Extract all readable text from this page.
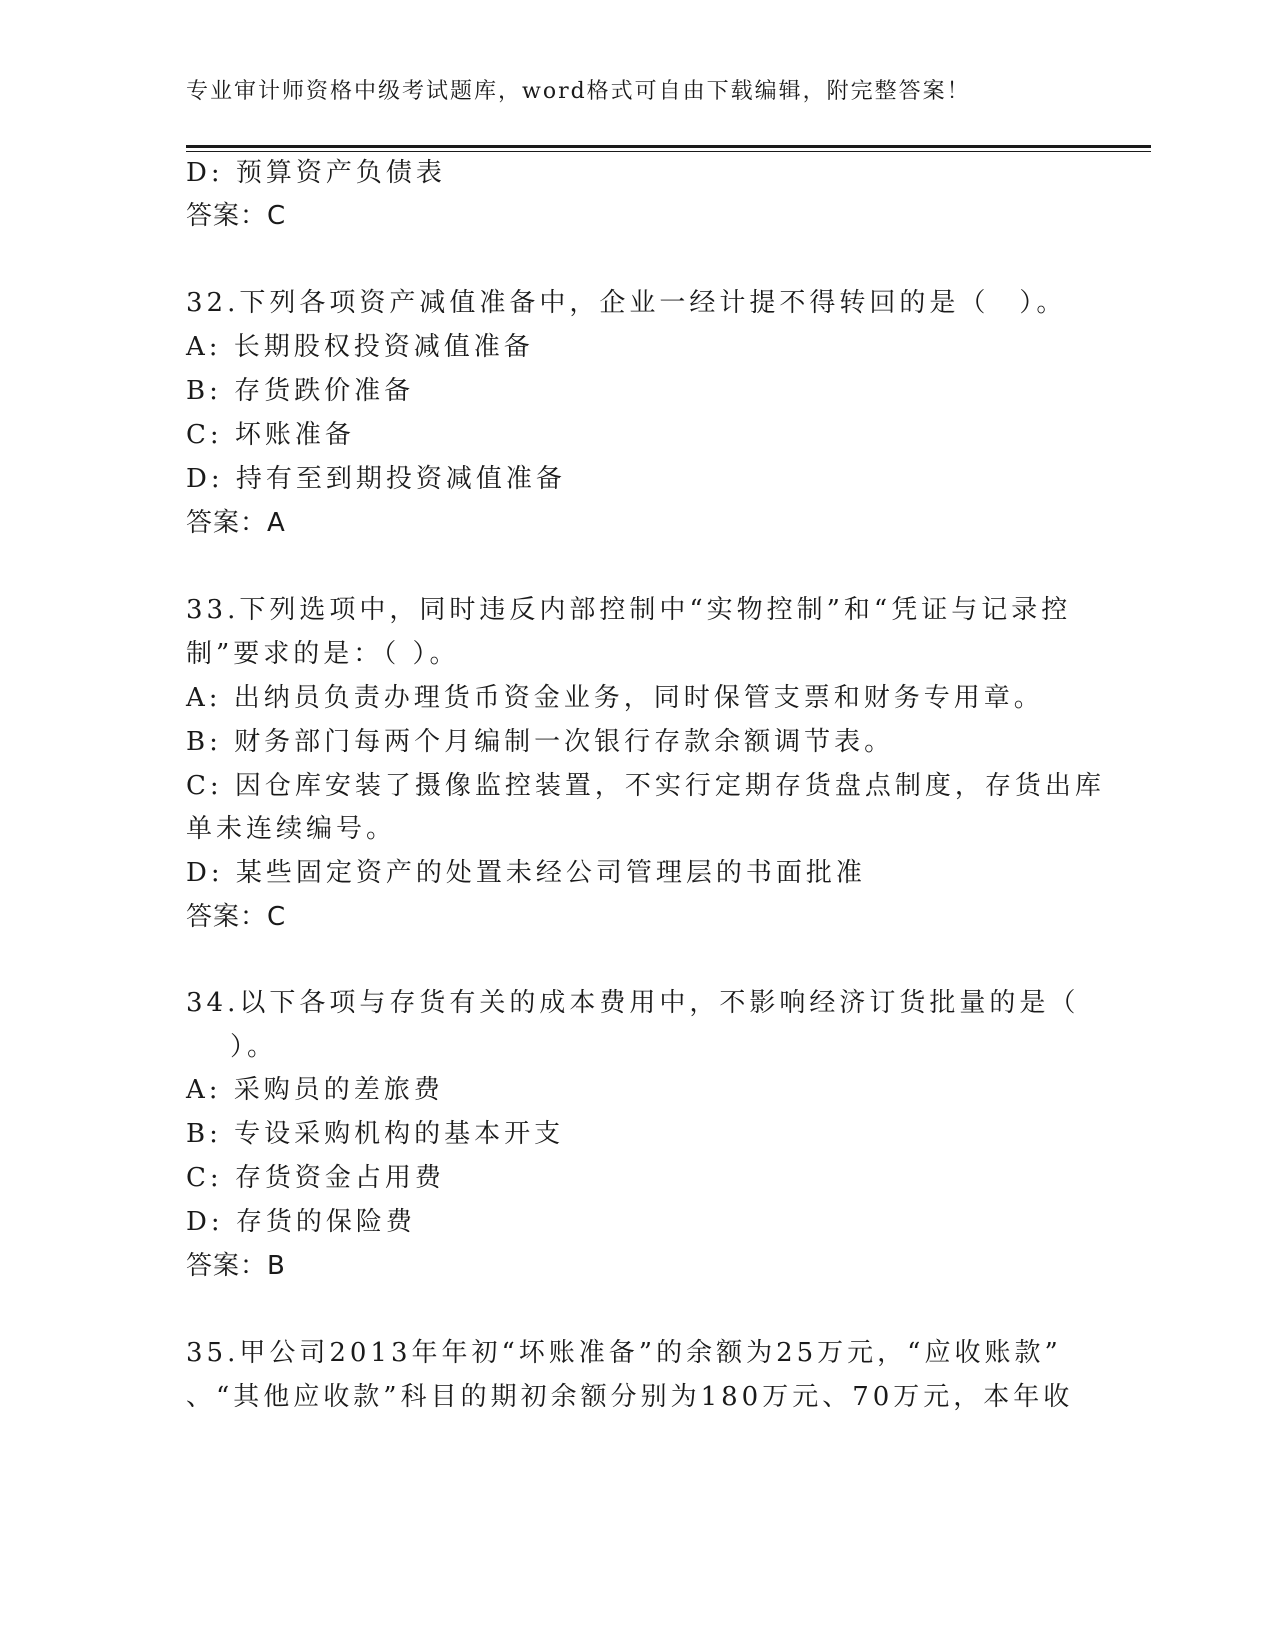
专业审计师资格中级考试题库，word格式可自由下载编辑，附完整答案！
D: 预算资产负债表
答案：C
32.下列各项资产减值准备中，企业一经计提不得转回的是（　）。
A: 长期股权投资减值准备
B: 存货跌价准备
C: 坏账准备
D: 持有至到期投资减值准备
答案：A
33.下列选项中，同时违反内部控制中“实物控制”和“凭证与记录控
制”要求的是：（ ）。
A: 出纳员负责办理货币资金业务，同时保管支票和财务专用章。
B: 财务部门每两个月编制一次银行存款余额调节表。
C: 因仓库安装了摄像监控装置，不实行定期存货盘点制度，存货出库
单未连续编号。
D: 某些固定资产的处置未经公司管理层的书面批准
答案：C
34.以下各项与存货有关的成本费用中，不影响经济订货批量的是（
）。
A: 采购员的差旅费
B: 专设采购机构的基本开支
C: 存货资金占用费
D: 存货的保险费
答案：B
35.甲公司2013年年初“坏账准备”的余额为25万元，“应收账款”
、“其他应收款”科目的期初余额分别为180万元、70万元，本年收
